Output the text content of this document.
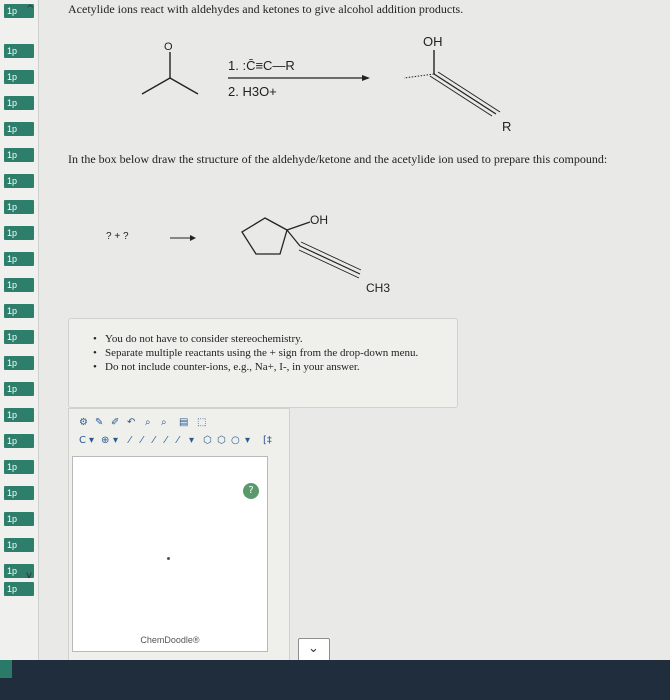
1p ^
1p
1p
1p
1p
1p
1p
1p
1p
1p
1p
1p
1p
1p
1p
1p
1p
1p
1p
1p
1p
1p
1p
v
Acetylide ions react with aldehydes and ketones to give alcohol addition products.
O
1. :C̄≡C—R
2. H3O+
OH
R
In the box below draw the structure of the aldehyde/ketone and the acetylide ion used to prepare this compound:
? + ?
OH
CH3
• You do not have to consider stereochemistry.
• Separate multiple reactants using the + sign from the drop-down menu.
• Do not include counter-ions, e.g., Na+, I-, in your answer.
⚙ ✎ ✐ ↶ ⌕ ⌕ ▤ ⬚
C ▾ ⊕ ▾ ⁄ ⁄ ⁄ ⁄ ⁄ ▾ ⬡ ⬡ ○ ▾ [‡
?
ChemDoodle®
⌄
